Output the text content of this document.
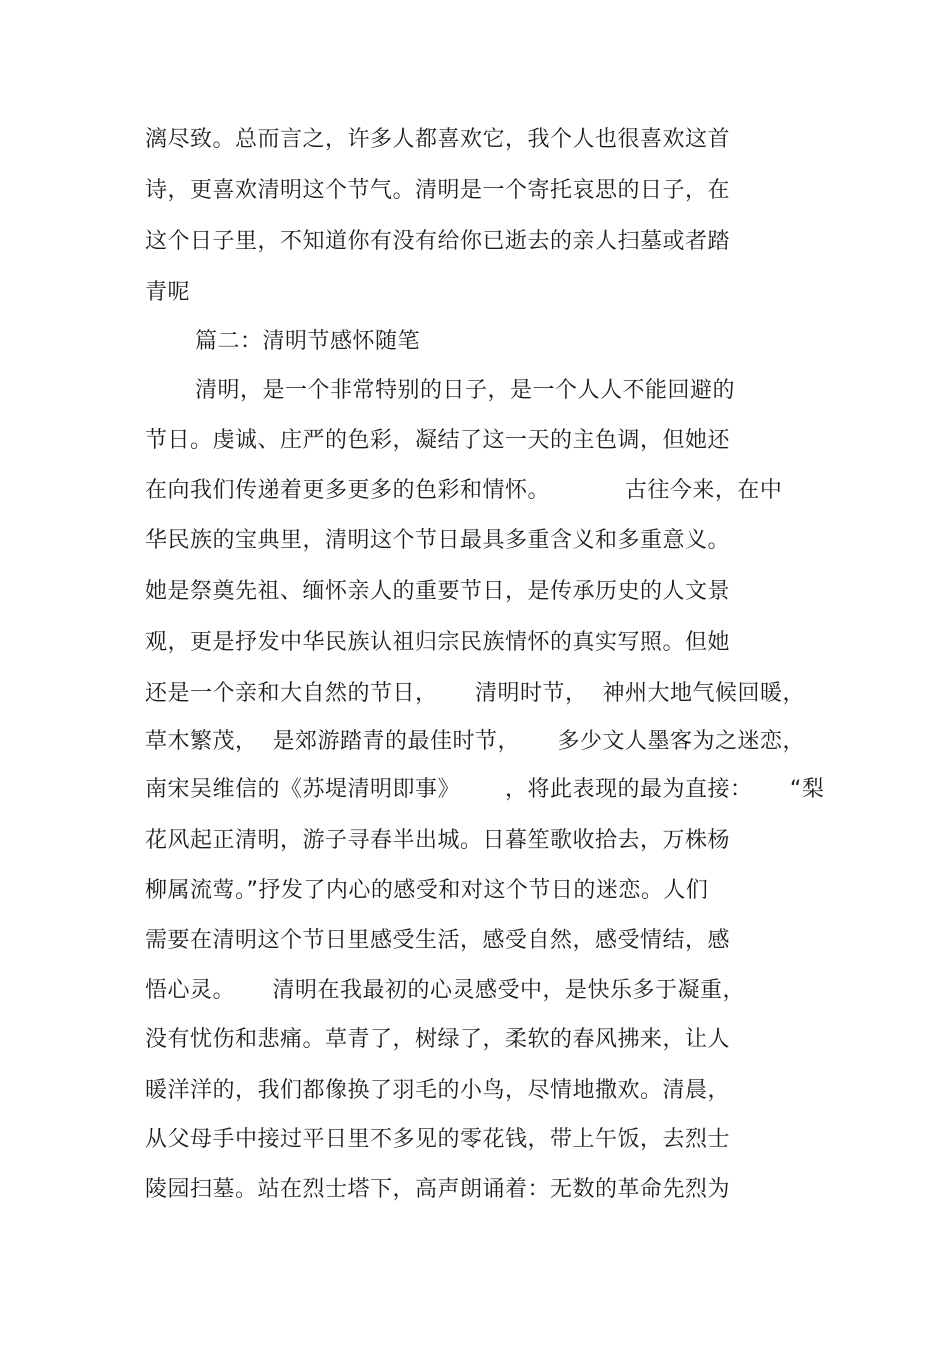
漓尽致。总而言之，许多人都喜欢它，我个人也很喜欢这首
诗，更喜欢清明这个节气。清明是一个寄托哀思的日子，在
这个日子里，不知道你有没有给你已逝去的亲人扫墓或者踏
青呢
篇二：清明节感怀随笔
清明，是一个非常特别的日子，是一个人人不能回避的
节日。虔诚、庄严的色彩，凝结了这一天的主色调，但她还
在向我们传递着更多更多的色彩和情怀。          古往今来，在中
华民族的宝典里，清明这个节日最具多重含义和多重意义。
她是祭奠先祖、缅怀亲人的重要节日，是传承历史的人文景
观，更是抒发中华民族认祖归宗民族情怀的真实写照。但她
还是一个亲和大自然的节日，     清明时节，  神州大地气候回暖，
草木繁茂，  是郊游踏青的最佳时节，     多少文人墨客为之迷恋，
南宋吴维信的《苏堤清明即事》      ，将此表现的最为直接：     “梨
花风起正清明，游子寻春半出城。日暮笙歌收拾去，万株杨
柳属流莺。”抒发了内心的感受和对这个节日的迷恋。人们
需要在清明这个节日里感受生活，感受自然，感受情结，感
悟心灵。     清明在我最初的心灵感受中，是快乐多于凝重，
没有忧伤和悲痛。草青了，树绿了，柔软的春风拂来，让人
暖洋洋的，我们都像换了羽毛的小鸟，尽情地撒欢。清晨，
从父母手中接过平日里不多见的零花钱，带上午饭，去烈士
陵园扫墓。站在烈士塔下，高声朗诵着：无数的革命先烈为
